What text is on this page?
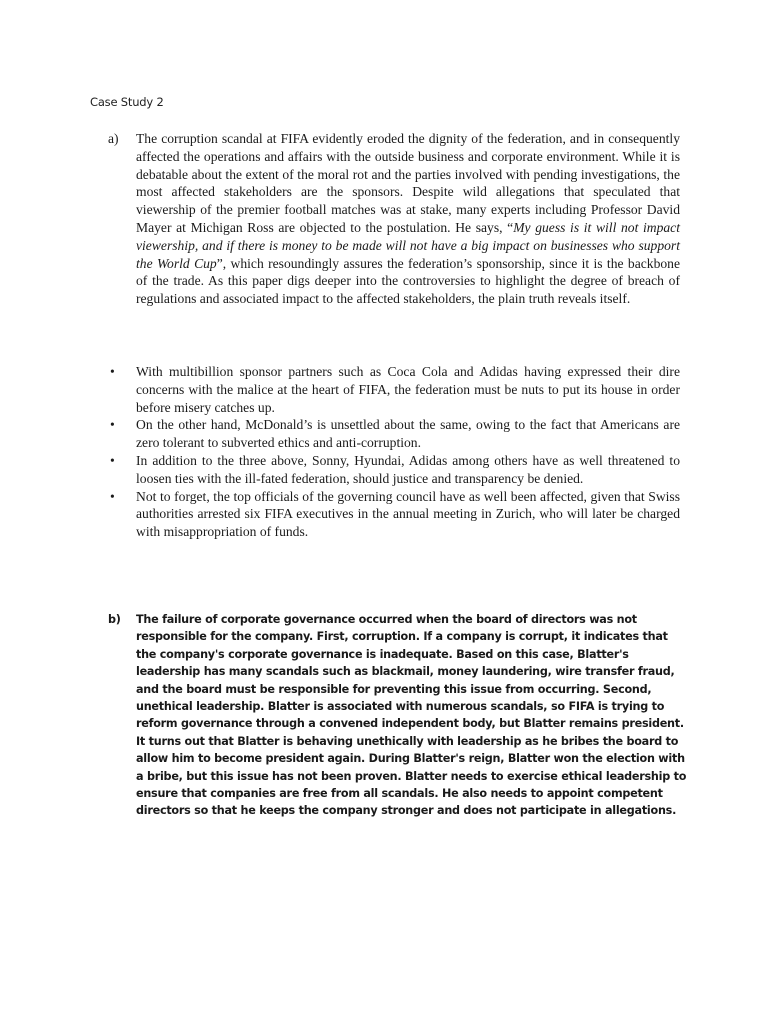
Case Study 2
a) The corruption scandal at FIFA evidently eroded the dignity of the federation, and in consequently affected the operations and affairs with the outside business and corporate environment. While it is debatable about the extent of the moral rot and the parties involved with pending investigations, the most affected stakeholders are the sponsors. Despite wild allegations that speculated that viewership of the premier football matches was at stake, many experts including Professor David Mayer at Michigan Ross are objected to the postulation. He says, “My guess is it will not impact viewership, and if there is money to be made will not have a big impact on businesses who support the World Cup”, which resoundingly assures the federation’s sponsorship, since it is the backbone of the trade. As this paper digs deeper into the controversies to highlight the degree of breach of regulations and associated impact to the affected stakeholders, the plain truth reveals itself.
• With multibillion sponsor partners such as Coca Cola and Adidas having expressed their dire concerns with the malice at the heart of FIFA, the federation must be nuts to put its house in order before misery catches up.
• On the other hand, McDonald’s is unsettled about the same, owing to the fact that Americans are zero tolerant to subverted ethics and anti-corruption.
• In addition to the three above, Sonny, Hyundai, Adidas among others have as well threatened to loosen ties with the ill-fated federation, should justice and transparency be denied.
• Not to forget, the top officials of the governing council have as well been affected, given that Swiss authorities arrested six FIFA executives in the annual meeting in Zurich, who will later be charged with misappropriation of funds.
b) The failure of corporate governance occurred when the board of directors was not responsible for the company. First, corruption. If a company is corrupt, it indicates that the company's corporate governance is inadequate. Based on this case, Blatter's leadership has many scandals such as blackmail, money laundering, wire transfer fraud, and the board must be responsible for preventing this issue from occurring. Second, unethical leadership. Blatter is associated with numerous scandals, so FIFA is trying to reform governance through a convened independent body, but Blatter remains president. It turns out that Blatter is behaving unethically with leadership as he bribes the board to allow him to become president again. During Blatter's reign, Blatter won the election with a bribe, but this issue has not been proven. Blatter needs to exercise ethical leadership to ensure that companies are free from all scandals. He also needs to appoint competent directors so that he keeps the company stronger and does not participate in allegations.
